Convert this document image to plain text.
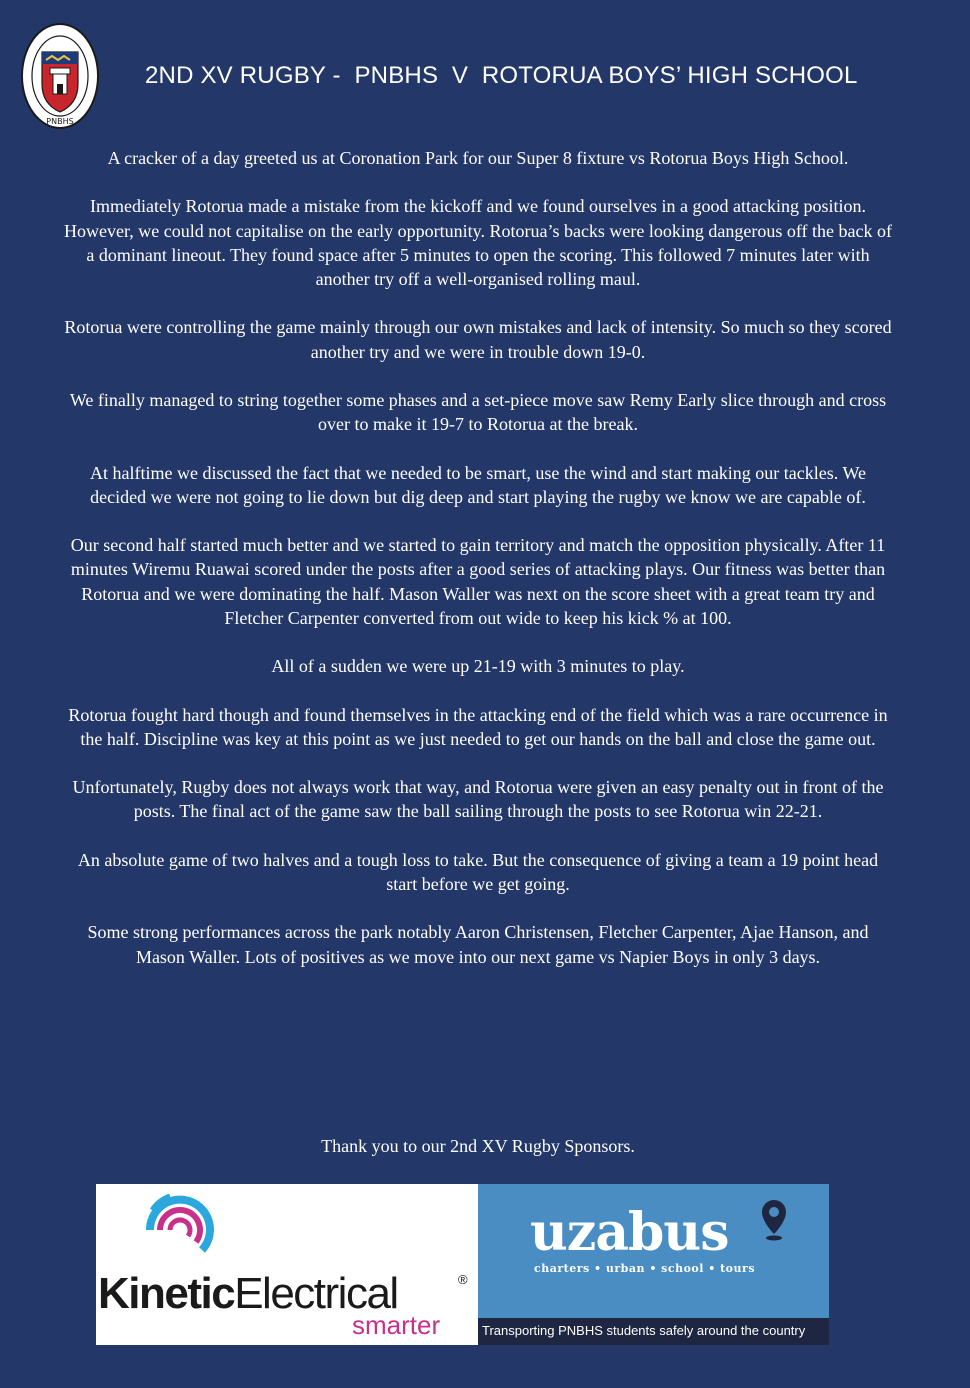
PNBHS
2ND XV RUGBY -  PNBHS  V  ROTORUA BOYS’ HIGH SCHOOL

A cracker of a day greeted us at Coronation Park for our Super 8 fixture vs Rotorua Boys High School.

Immediately Rotorua made a mistake from the kickoff and we found ourselves in a good attacking position. However, we could not capitalise on the early opportunity. Rotorua’s backs were looking dangerous off the back of a dominant lineout. They found space after 5 minutes to open the scoring. This followed 7 minutes later with another try off a well-organised rolling maul.

Rotorua were controlling the game mainly through our own mistakes and lack of intensity. So much so they scored another try and we were in trouble down 19-0.

We finally managed to string together some phases and a set-piece move saw Remy Early slice through and cross over to make it 19-7 to Rotorua at the break.

At halftime we discussed the fact that we needed to be smart, use the wind and start making our tackles. We decided we were not going to lie down but dig deep and start playing the rugby we know we are capable of.

Our second half started much better and we started to gain territory and match the opposition physically. After 11 minutes Wiremu Ruawai scored under the posts after a good series of attacking plays. Our fitness was better than Rotorua and we were dominating the half. Mason Waller was next on the score sheet with a great team try and Fletcher Carpenter converted from out wide to keep his kick % at 100.

All of a sudden we were up 21-19 with 3 minutes to play.

Rotorua fought hard though and found themselves in the attacking end of the field which was a rare occurrence in the half. Discipline was key at this point as we just needed to get our hands on the ball and close the game out.

Unfortunately, Rugby does not always work that way, and Rotorua were given an easy penalty out in front of the posts. The final act of the game saw the ball sailing through the posts to see Rotorua win 22-21.

An absolute game of two halves and a tough loss to take. But the consequence of giving a team a 19 point head start before we get going.

Some strong performances across the park notably Aaron Christensen, Fletcher Carpenter, Ajae Hanson, and Mason Waller. Lots of positives as we move into our next game vs Napier Boys in only 3 days.

Thank you to our 2nd XV Rugby Sponsors.
KineticElectrical	®
smarter
uzabus
charters • urban • school • tours
Transporting PNBHS students safely around the country
